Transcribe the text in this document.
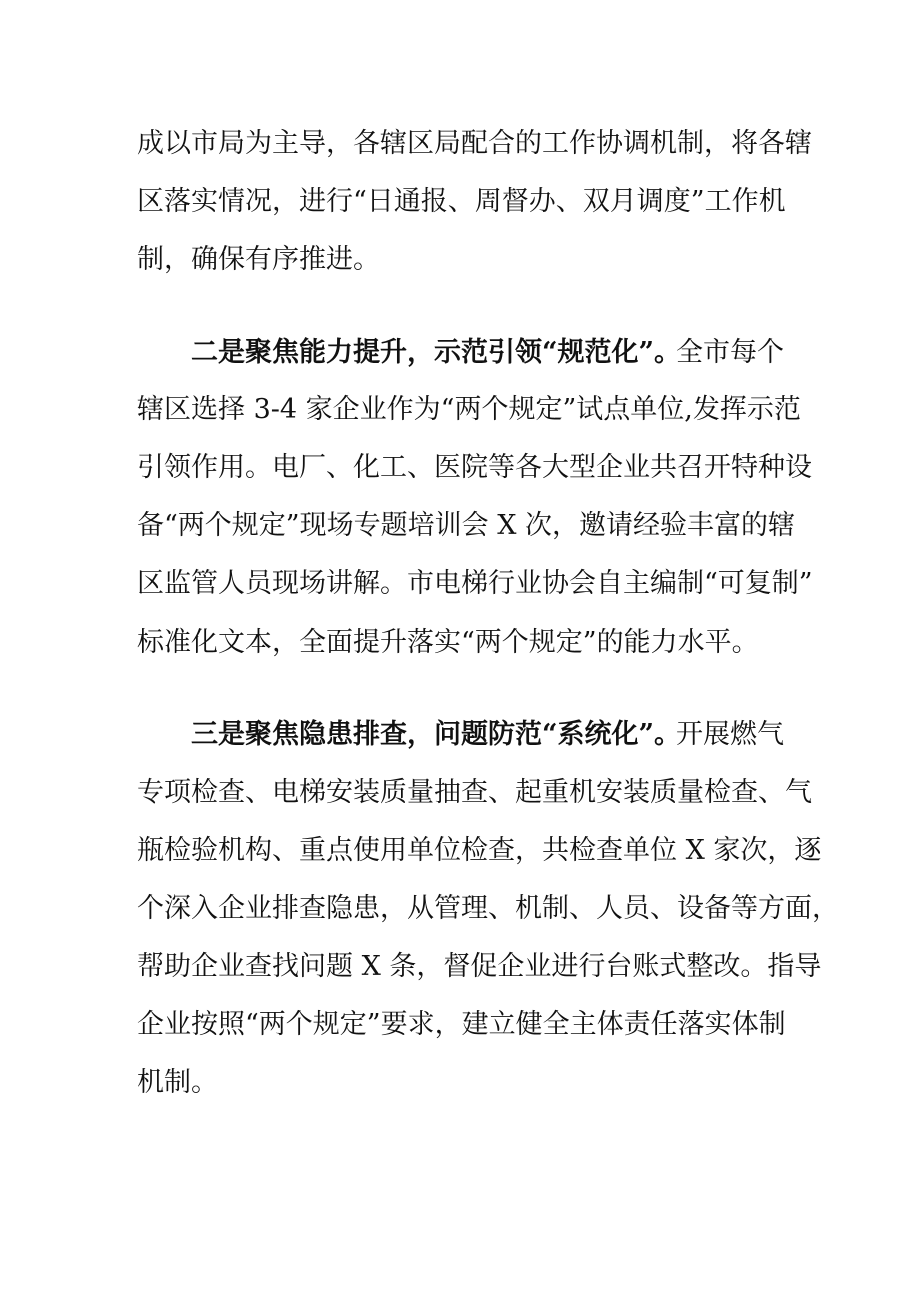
成以市局为主导，各辖区局配合的工作协调机制，将各辖
区落实情况，进行“日通报、周督办、双月调度”工作机
制，确保有序推进。
二是聚焦能力提升，示范引领“规范化”。
全市每个
辖区选择 3-4 家企业作为“两个规定”试点单位,发挥示范
引领作用。电厂、化工、医院等各大型企业共召开特种设
备“两个规定”现场专题培训会 X 次，邀请经验丰富的辖
区监管人员现场讲解。市电梯行业协会自主编制“可复制”
标准化文本，全面提升落实“两个规定”的能力水平。
三是聚焦隐患排查，问题防范“系统化”。
开展燃气
专项检查、电梯安装质量抽查、起重机安装质量检查、气
瓶检验机构、重点使用单位检查，共检查单位 X 家次，逐
个深入企业排查隐患，从管理、机制、人员、设备等方面，
帮助企业查找问题 X 条，督促企业进行台账式整改。指导
企业按照“两个规定”要求，建立健全主体责任落实体制
机制。
